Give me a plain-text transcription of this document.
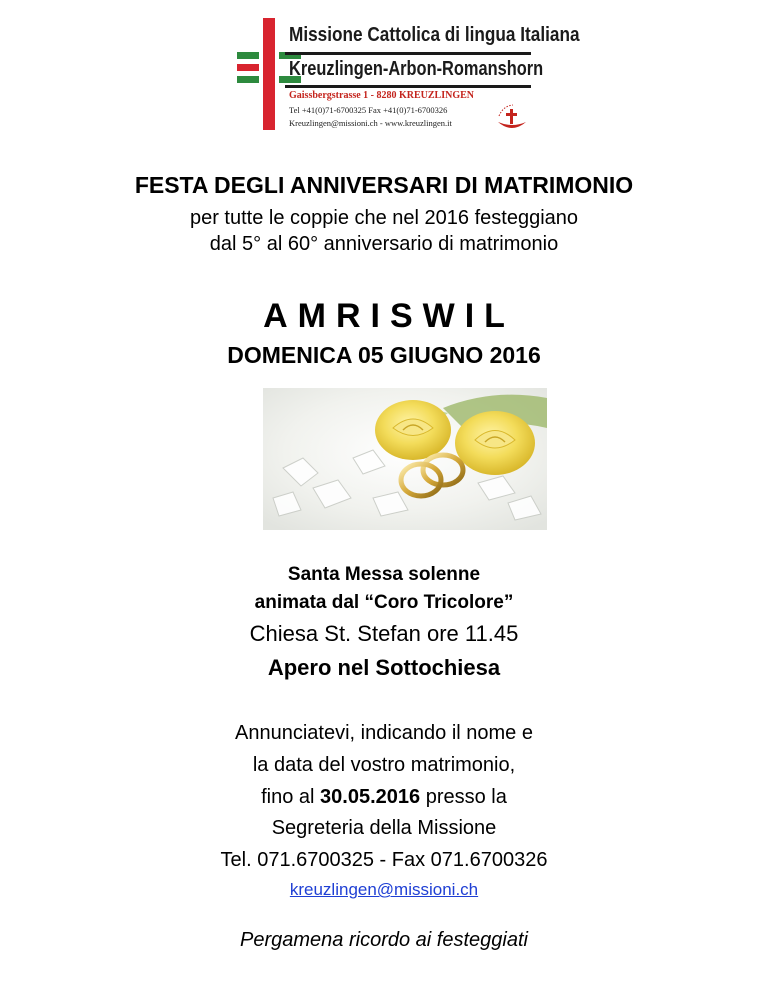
Missione Cattolica di lingua Italiana
Kreuzlingen-Arbon-Romanshorn
Gaissbergstrasse 1 - 8280 KREUZLINGEN
Tel +41(0)71-6700325 Fax +41(0)71-6700326
Kreuzlingen@missioni.ch - www.kreuzlingen.it
FESTA DEGLI ANNIVERSARI DI MATRIMONIO
per tutte le coppie che nel 2016 festeggiano
dal 5° al 60° anniversario di matrimonio
AMRISWIL
DOMENICA 05 GIUGNO 2016
Santa Messa solenne
animata dal “Coro Tricolore”
Chiesa St. Stefan ore 11.45
Apero nel Sottochiesa
Annunciatevi, indicando il nome e
la data del vostro matrimonio,
fino al 30.05.2016 presso la
Segreteria della Missione
Tel. 071.6700325 - Fax 071.6700326
kreuzlingen@missioni.ch
Pergamena ricordo ai festeggiati
